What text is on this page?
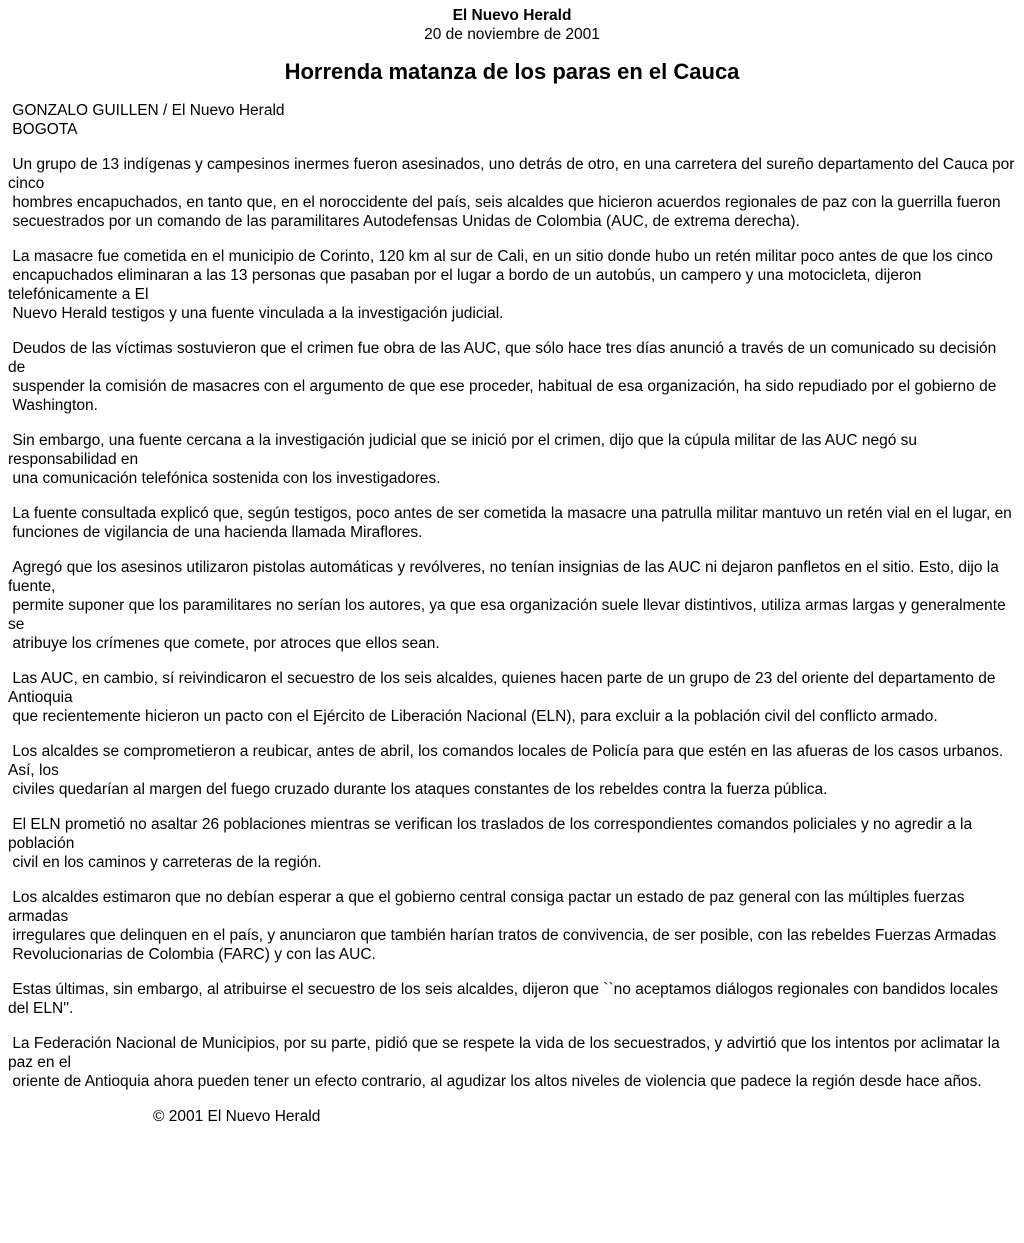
El Nuevo Herald
20 de noviembre de 2001
Horrenda matanza de los paras en el Cauca
GONZALO GUILLEN / El Nuevo Herald
BOGOTA
Un grupo de 13 indígenas y campesinos inermes fueron asesinados, uno detrás de otro, en una carretera del sureño departamento del Cauca por cinco
hombres encapuchados, en tanto que, en el noroccidente del país, seis alcaldes que hicieron acuerdos regionales de paz con la guerrilla fueron
secuestrados por un comando de las paramilitares Autodefensas Unidas de Colombia (AUC, de extrema derecha).
La masacre fue cometida en el municipio de Corinto, 120 km al sur de Cali, en un sitio donde hubo un retén militar poco antes de que los cinco
encapuchados eliminaran a las 13 personas que pasaban por el lugar a bordo de un autobús, un campero y una motocicleta, dijeron telefónicamente a El
Nuevo Herald testigos y una fuente vinculada a la investigación judicial.
Deudos de las víctimas sostuvieron que el crimen fue obra de las AUC, que sólo hace tres días anunció a través de un comunicado su decisión de
suspender la comisión de masacres con el argumento de que ese proceder, habitual de esa organización, ha sido repudiado por el gobierno de
Washington.
Sin embargo, una fuente cercana a la investigación judicial que se inició por el crimen, dijo que la cúpula militar de las AUC negó su responsabilidad en
una comunicación telefónica sostenida con los investigadores.
La fuente consultada explicó que, según testigos, poco antes de ser cometida la masacre una patrulla militar mantuvo un retén vial en el lugar, en
funciones de vigilancia de una hacienda llamada Miraflores.
Agregó que los asesinos utilizaron pistolas automáticas y revólveres, no tenían insignias de las AUC ni dejaron panfletos en el sitio. Esto, dijo la fuente,
permite suponer que los paramilitares no serían los autores, ya que esa organización suele llevar distintivos, utiliza armas largas y generalmente se
atribuye los crímenes que comete, por atroces que ellos sean.
Las AUC, en cambio, sí reivindicaron el secuestro de los seis alcaldes, quienes hacen parte de un grupo de 23 del oriente del departamento de Antioquia
que recientemente hicieron un pacto con el Ejército de Liberación Nacional (ELN), para excluir a la población civil del conflicto armado.
Los alcaldes se comprometieron a reubicar, antes de abril, los comandos locales de Policía para que estén en las afueras de los casos urbanos. Así, los
civiles quedarían al margen del fuego cruzado durante los ataques constantes de los rebeldes contra la fuerza pública.
El ELN prometió no asaltar 26 poblaciones mientras se verifican los traslados de los correspondientes comandos policiales y no agredir a la población
civil en los caminos y carreteras de la región.
Los alcaldes estimaron que no debían esperar a que el gobierno central consiga pactar un estado de paz general con las múltiples fuerzas armadas
irregulares que delinquen en el país, y anunciaron que también harían tratos de convivencia, de ser posible, con las rebeldes Fuerzas Armadas
Revolucionarias de Colombia (FARC) y con las AUC.
Estas últimas, sin embargo, al atribuirse el secuestro de los seis alcaldes, dijeron que ``no aceptamos diálogos regionales con bandidos locales del ELN''.
La Federación Nacional de Municipios, por su parte, pidió que se respete la vida de los secuestrados, y advirtió que los intentos por aclimatar la paz en el
oriente de Antioquia ahora pueden tener un efecto contrario, al agudizar los altos niveles de violencia que padece la región desde hace años.
© 2001 El Nuevo Herald
